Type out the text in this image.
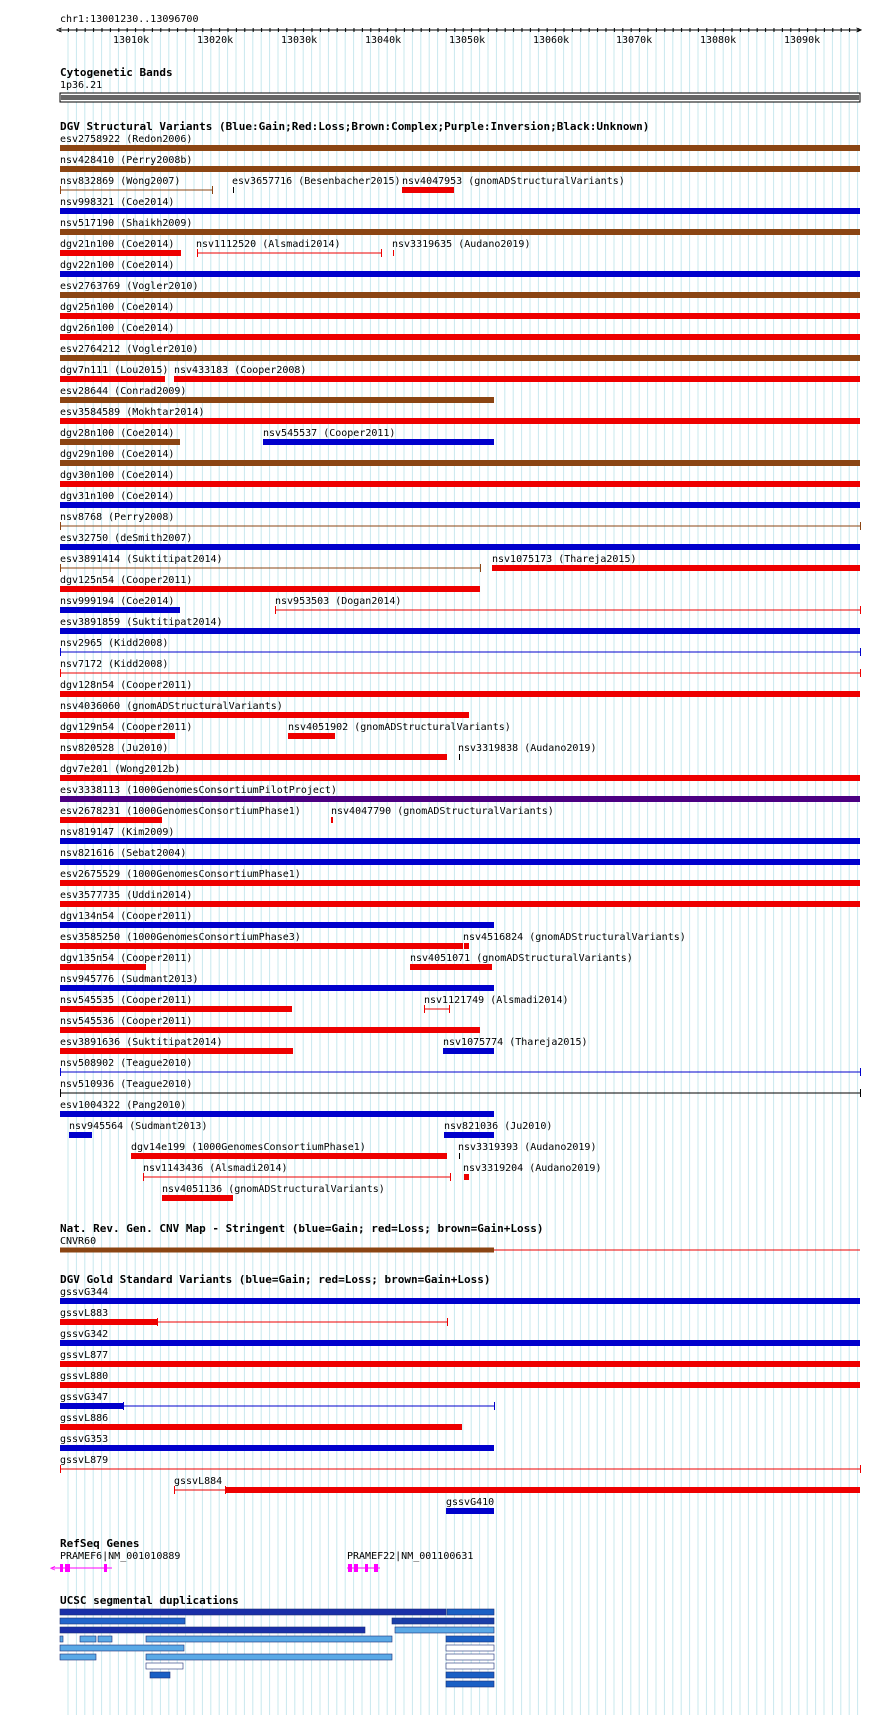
<	>
<
chr1:13001230..13096700
13010k	13020k	13030k	13040k	13050k	13060k	13070k	13080k	13090k
Cytogenetic Bands
1p36.21
DGV Structural Variants (Blue:Gain;Red:Loss;Brown:Complex;Purple:Inversion;Black:Unknown)
esv2758922 (Redon2006)
nsv428410 (Perry2008b)
nsv832869 (Wong2007)	esv3657716 (Besenbacher2015) nsv4047953 (gnomADStructuralVariants)
nsv998321 (Coe2014)
nsv517190 (Shaikh2009)
dgv21n100 (Coe2014) nsv1112520 (Alsmadi2014)	nsv3319635 (Audano2019)
dgv22n100 (Coe2014)
esv2763769 (Vogler2010)
dgv25n100 (Coe2014)
dgv26n100 (Coe2014)
esv2764212 (Vogler2010)
dgv7n111 (Lou2015) nsv433183 (Cooper2008)
esv28644 (Conrad2009)
esv3584589 (Mokhtar2014)
dgv28n100 (Coe2014)	nsv545537 (Cooper2011)
dgv29n100 (Coe2014)
dgv30n100 (Coe2014)
dgv31n100 (Coe2014)
nsv8768 (Perry2008)
esv32750 (deSmith2007)
esv3891414 (Suktitipat2014)	nsv1075173 (Thareja2015)
dgv125n54 (Cooper2011)
nsv999194 (Coe2014)	nsv953503 (Dogan2014)
esv3891859 (Suktitipat2014)
nsv2965 (Kidd2008)
nsv7172 (Kidd2008)
dgv128n54 (Cooper2011)
nsv4036060 (gnomADStructuralVariants)
dgv129n54 (Cooper2011)	nsv4051902 (gnomADStructuralVariants)
nsv820528 (Ju2010)	nsv3319838 (Audano2019)
dgv7e201 (Wong2012b)
esv3338113 (1000GenomesConsortiumPilotProject)
esv2678231 (1000GenomesConsortiumPhase1)	nsv4047790 (gnomADStructuralVariants)
nsv819147 (Kim2009)
nsv821616 (Sebat2004)
esv2675529 (1000GenomesConsortiumPhase1)
esv3577735 (Uddin2014)
dgv134n54 (Cooper2011)
esv3585250 (1000GenomesConsortiumPhase3)	nsv4516824 (gnomADStructuralVariants)
dgv135n54 (Cooper2011)	nsv4051071 (gnomADStructuralVariants)
nsv945776 (Sudmant2013)
nsv545535 (Cooper2011)	nsv1121749 (Alsmadi2014)
nsv545536 (Cooper2011)
esv3891636 (Suktitipat2014)	nsv1075774 (Thareja2015)
nsv508902 (Teague2010)
nsv510936 (Teague2010)
esv1004322 (Pang2010)
nsv945564 (Sudmant2013)	nsv821036 (Ju2010)
dgv14e199 (1000GenomesConsortiumPhase1)	nsv3319393 (Audano2019)
nsv1143436 (Alsmadi2014)	nsv3319204 (Audano2019)
nsv4051136 (gnomADStructuralVariants)
Nat. Rev. Gen. CNV Map - Stringent (blue=Gain; red=Loss; brown=Gain+Loss)
CNVR60
DGV Gold Standard Variants (blue=Gain; red=Loss; brown=Gain+Loss)
gssvG344
gssvL883
gssvG342
gssvL877
gssvL880
gssvG347
gssvL886
gssvG353
gssvL879
gssvL884
gssvG410
RefSeq Genes
PRAMEF6|NM_001010889	PRAMEF22|NM_001100631
UCSC segmental duplications
